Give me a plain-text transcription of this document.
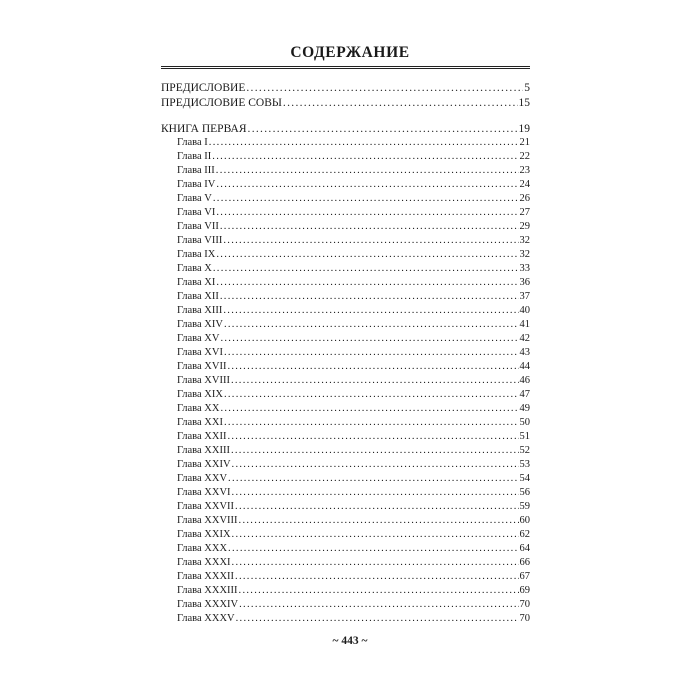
СОДЕРЖАНИЕ
ПРЕДИСЛОВИЕ .....	5
ПРЕДИСЛОВИЕ СОВЫ .....	15
КНИГА ПЕРВАЯ .....	19
Глава I .....	21
Глава II .....	22
Глава III .....	23
Глава IV .....	24
Глава V .....	26
Глава VI .....	27
Глава VII .....	29
Глава VIII .....	32
Глава IX .....	32
Глава X .....	33
Глава XI .....	36
Глава XII .....	37
Глава XIII .....	40
Глава XIV .....	41
Глава XV .....	42
Глава XVI .....	43
Глава XVII .....	44
Глава XVIII .....	46
Глава XIX .....	47
Глава XX .....	49
Глава XXI .....	50
Глава XXII .....	51
Глава XXIII .....	52
Глава XXIV .....	53
Глава XXV .....	54
Глава XXVI .....	56
Глава XXVII .....	59
Глава XXVIII .....	60
Глава XXIX .....	62
Глава XXX .....	64
Глава XXXI .....	66
Глава XXXII .....	67
Глава XXXIII .....	69
Глава XXXIV .....	70
Глава XXXV .....	70
~ 443 ~
